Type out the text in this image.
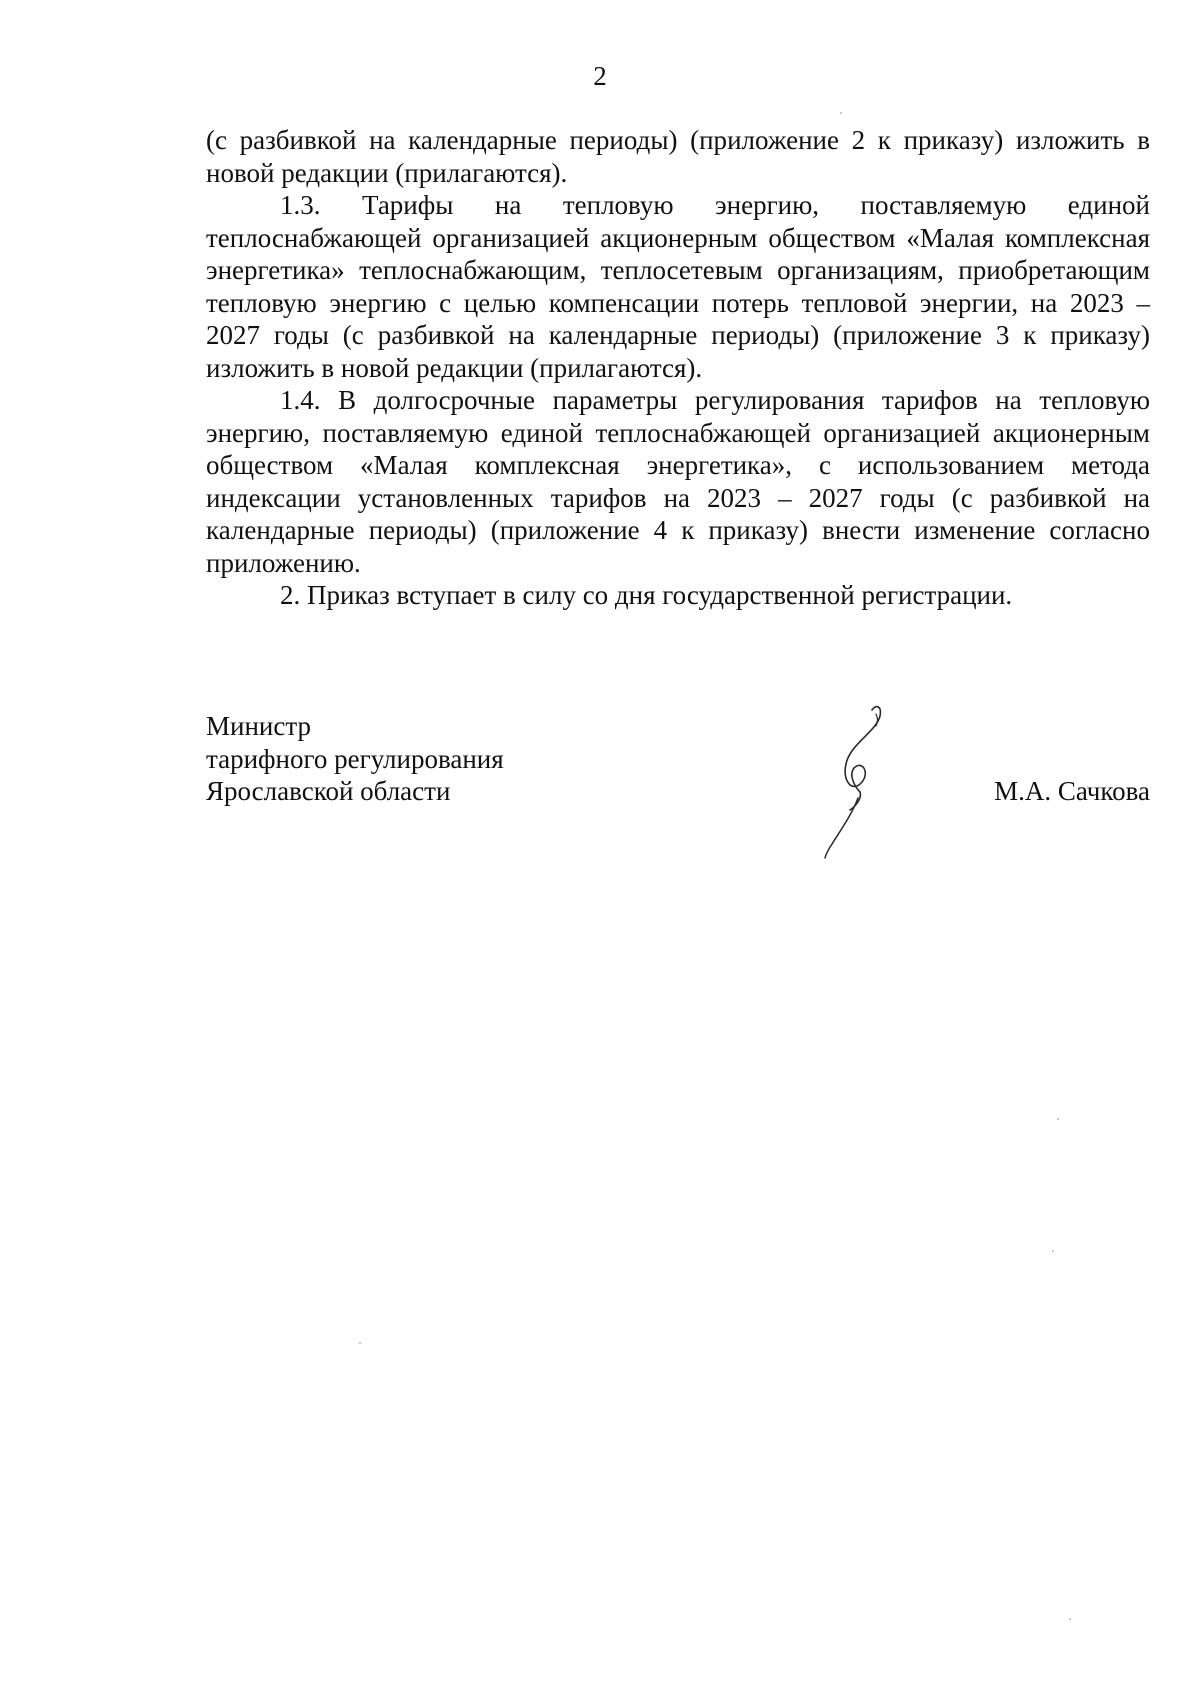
2

(с разбивкой на календарные периоды) (приложение 2 к приказу) изложить в новой редакции (прилагаются).

1.3. Тарифы на тепловую энергию, поставляемую единой теплоснабжающей организацией акционерным обществом «Малая комплексная энергетика» теплоснабжающим, теплосетевым организациям, приобретающим тепловую энергию с целью компенсации потерь тепловой энергии, на 2023 – 2027 годы (с разбивкой на календарные периоды) (приложение 3 к приказу) изложить в новой редакции (прилагаются).

1.4. В долгосрочные параметры регулирования тарифов на тепловую энергию, поставляемую единой теплоснабжающей организацией акционерным обществом «Малая комплексная энергетика», с использованием метода индексации установленных тарифов на 2023 – 2027 годы (с разбивкой на календарные периоды) (приложение 4 к приказу) внести изменение согласно приложению.

2. Приказ вступает в силу со дня государственной регистрации.

Министр
тарифного регулирования
Ярославской области	М.А. Сачкова
